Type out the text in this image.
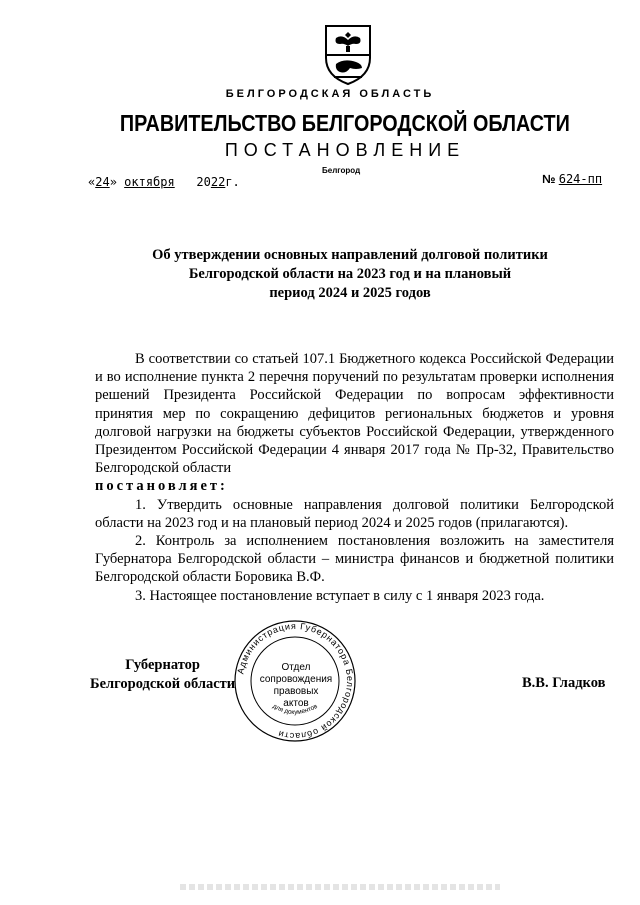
БЕЛГОРОДСКАЯ ОБЛАСТЬ
ПРАВИТЕЛЬСТВО БЕЛГОРОДСКОЙ ОБЛАСТИ
ПОСТАНОВЛЕНИЕ
Белгород
«24» октября 2022г.	№ 624-пп
Об утверждении основных направлений долговой политики
Белгородской области на 2023 год и на плановый
период 2024 и 2025 годов

В соответствии со статьей 107.1 Бюджетного кодекса Российской Федерации и во исполнение пункта 2 перечня поручений по результатам проверки исполнения решений Президента Российской Федерации по вопросам эффективности принятия мер по сокращению дефицитов региональных бюджетов и уровня долговой нагрузки на бюджеты субъектов Российской Федерации, утвержденного Президентом Российской Федерации 4 января 2017 года № Пр-32, Правительство Белгородской области

постановляет:

1. Утвердить основные направления долговой политики Белгородской области на 2023 год и на плановый период 2024 и 2025 годов (прилагаются).

2. Контроль за исполнением постановления возложить на заместителя Губернатора Белгородской области – министра финансов и бюджетной политики Белгородской области Боровика В.Ф.

3. Настоящее постановление вступает в силу с 1 января 2023 года.

Губернатор
Белгородской области	В.В. Гладков
Администрация Губернатора Белгородской области
для документов
Отдел
сопровождения
правовых
актов
